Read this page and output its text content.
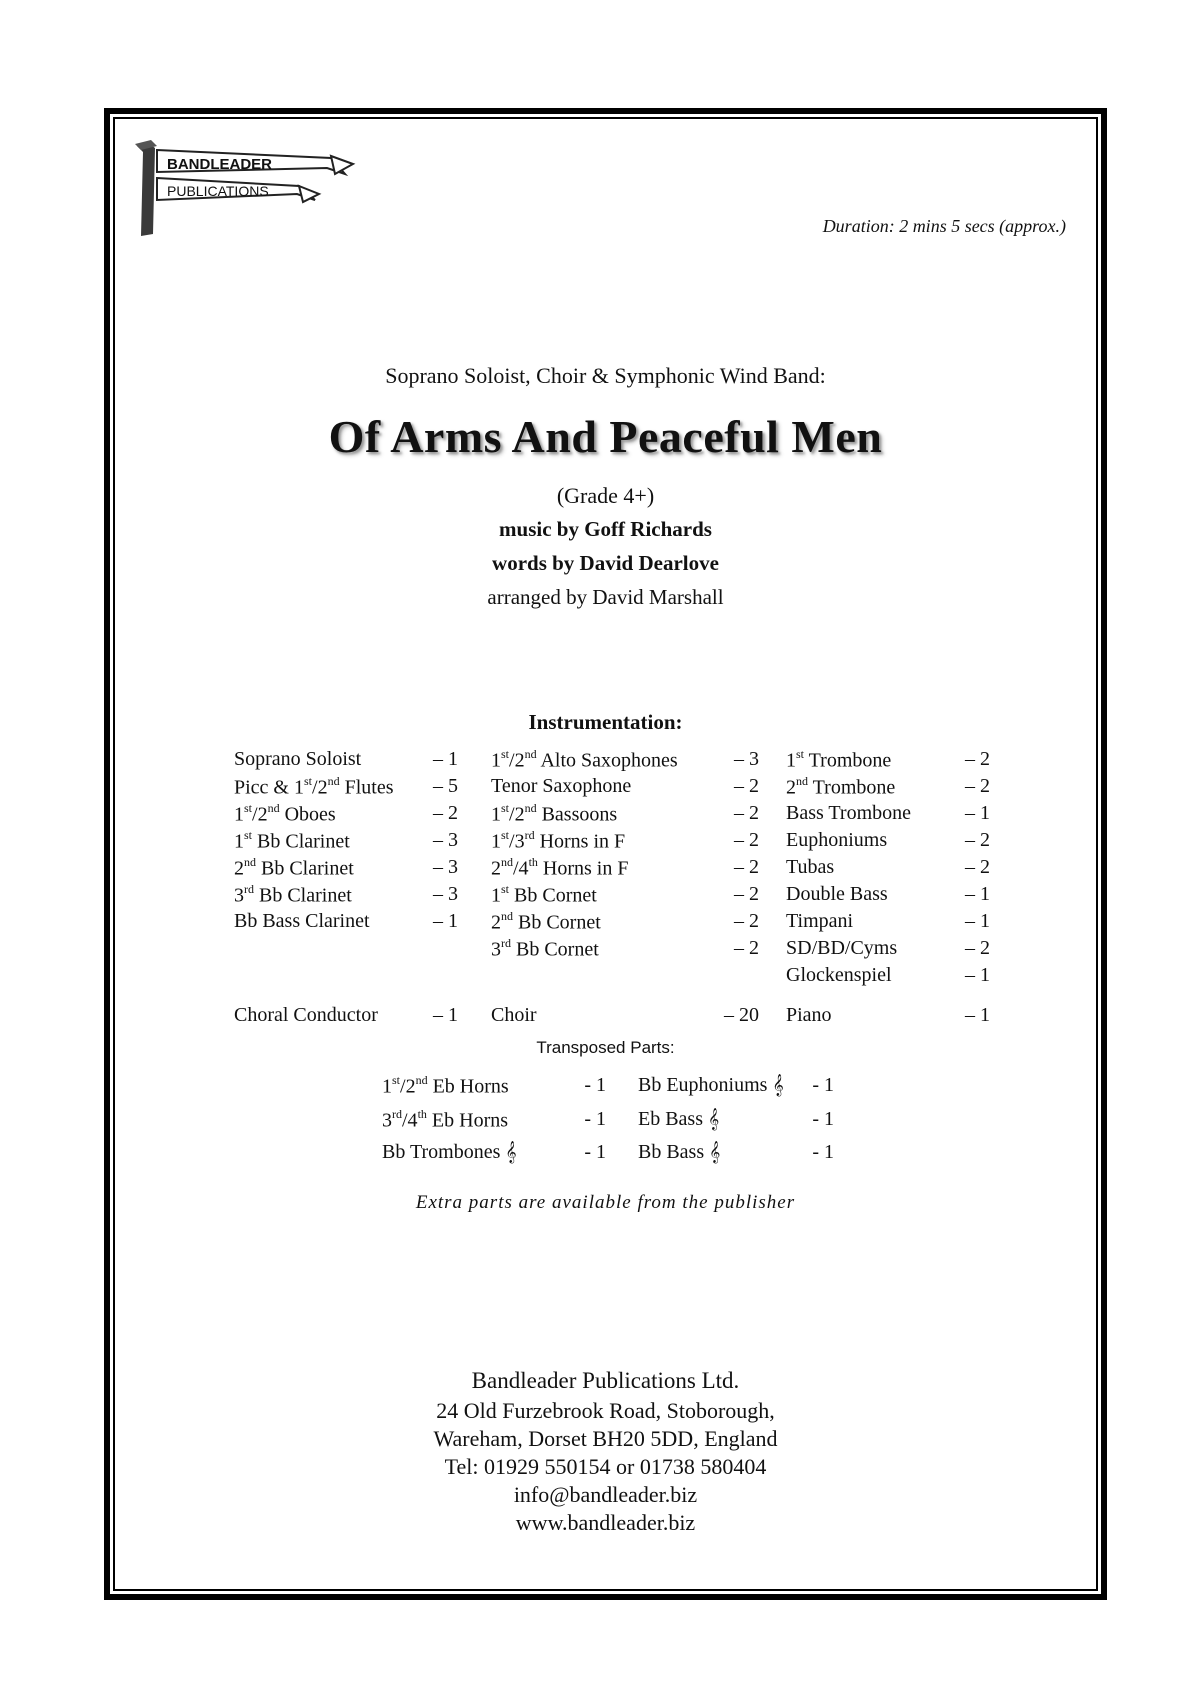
BANDLEADER
PUBLICATIONS
Duration: 2 mins 5 secs (approx.)
Soprano Soloist, Choir & Symphonic Wind Band:
Of Arms And Peaceful Men
(Grade 4+)
music by Goff Richards
words by David Dearlove
arranged by David Marshall
Instrumentation:
Soprano Soloist	– 1
Picc & 1st/2nd Flutes – 5
1st/2nd Oboes	– 2
1st Bb Clarinet	– 3
2nd Bb Clarinet	– 3
3rd Bb Clarinet	– 3
Bb Bass Clarinet	– 1
1st/2nd Alto Saxophones	– 3
Tenor Saxophone	– 2
1st/2nd Bassoons	– 2
1st/3rd Horns in F	– 2
2nd/4th Horns in F	– 2
1st Bb Cornet	– 2
2nd Bb Cornet	– 2
3rd Bb Cornet	– 2
1st Trombone	– 2
2nd Trombone	– 2
Bass Trombone	– 1
Euphoniums	– 2
Tubas	– 2
Double Bass	– 1
Timpani	– 1
SD/BD/Cyms	– 2
Glockenspiel	– 1
Choral Conductor	– 1 Choir	– 20 Piano	– 1
Transposed Parts:
1st/2nd Eb Horns	- 1 Bb Euphoniums 𝄞 - 1
3rd/4th Eb Horns	- 1 Eb Bass 𝄞	- 1
Bb Trombones 𝄞	- 1 Bb Bass 𝄞	- 1
Extra parts are available from the publisher
Bandleader Publications Ltd.
24 Old Furzebrook Road, Stoborough,
Wareham, Dorset BH20 5DD, England
Tel: 01929 550154 or 01738 580404
info@bandleader.biz
www.bandleader.biz
